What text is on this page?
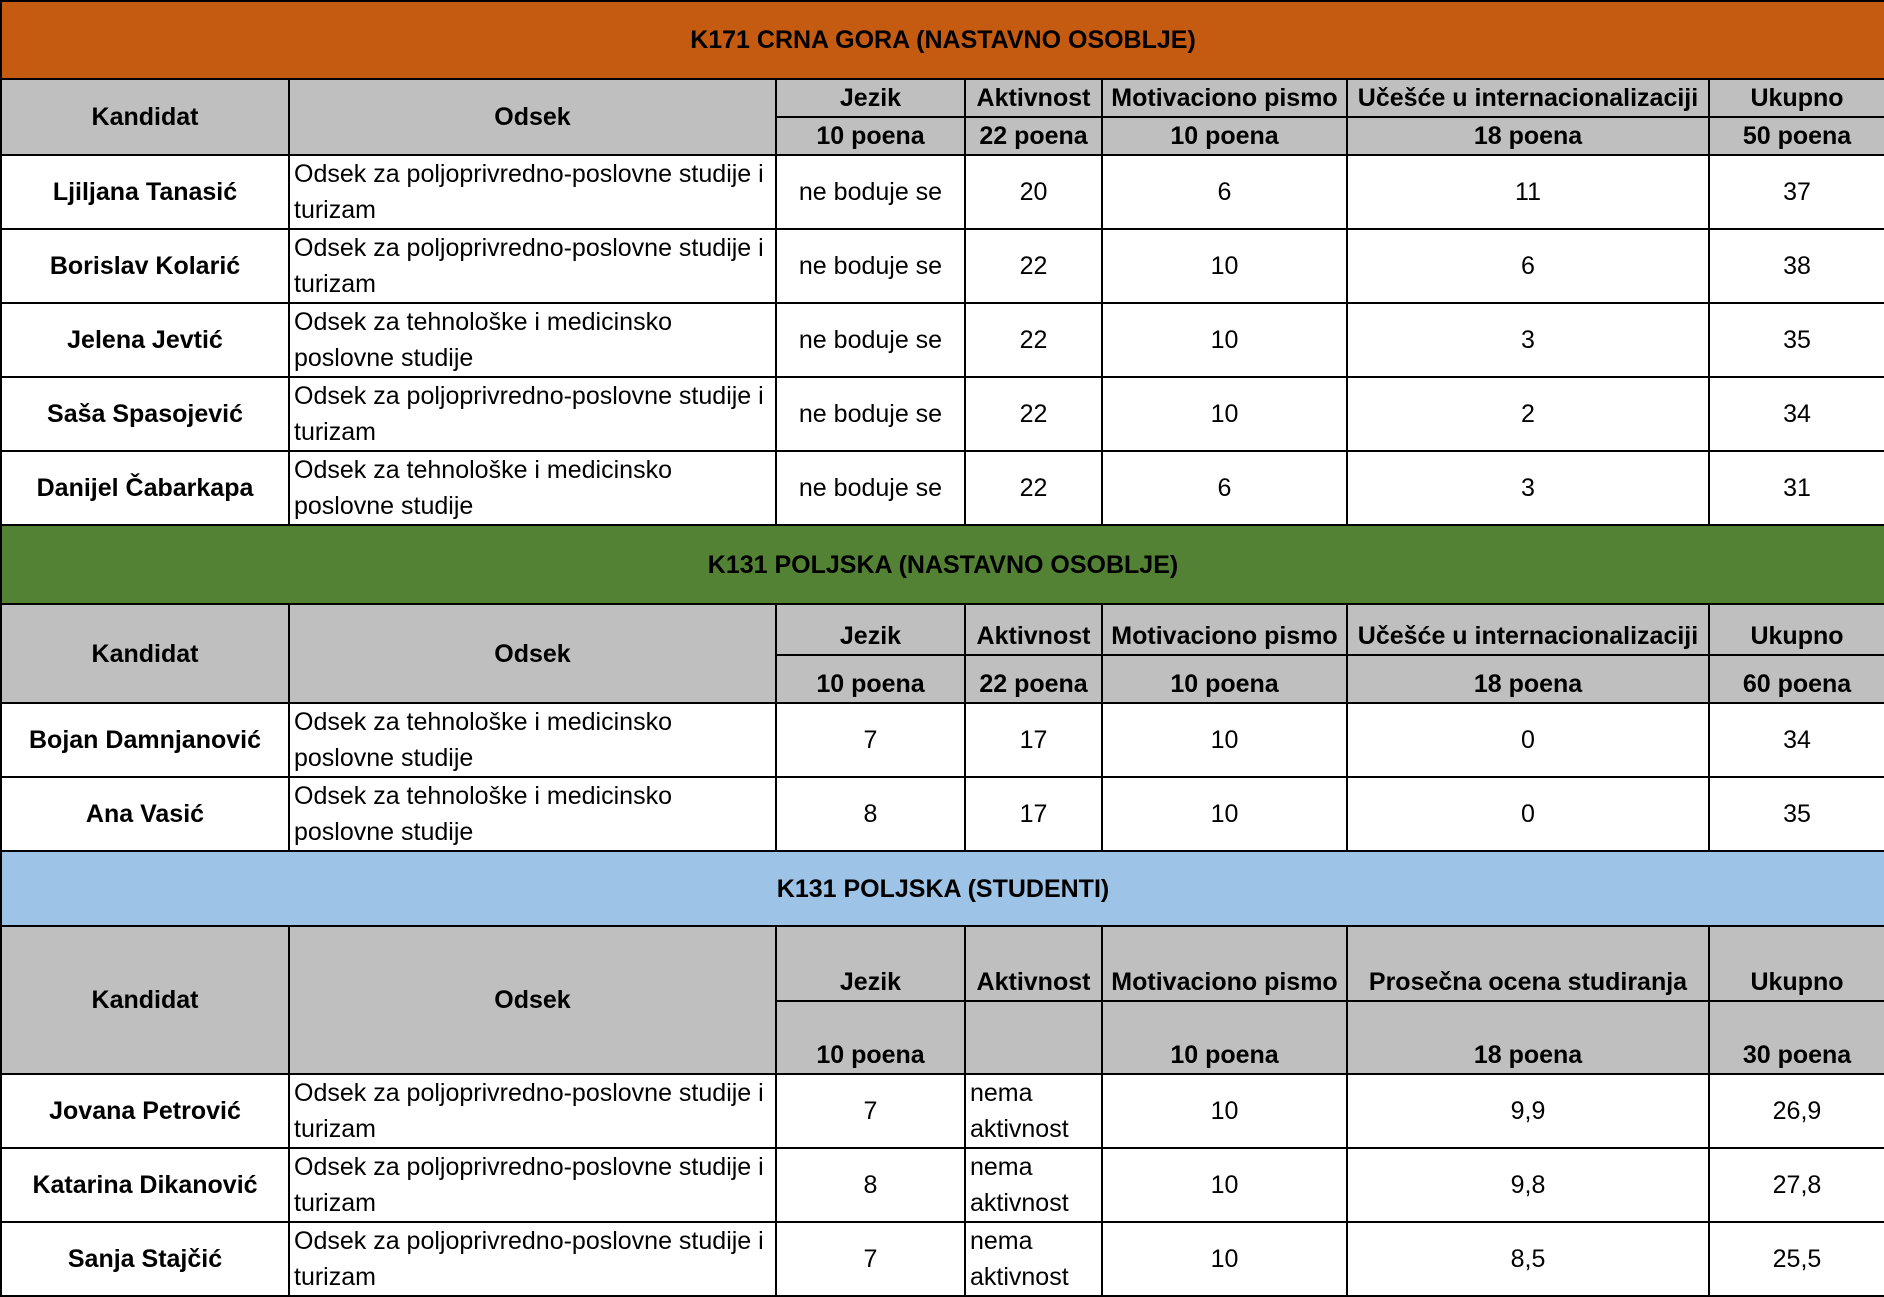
K171 CRNA GORA (NASTAVNO OSOBLJE)						
Kandidat	Odsek	Jezik	Aktivnost	Motivaciono pismo	Učešće u internacionalizaciji	Ukupno
		10 poena	22 poena	10 poena	18 poena	50 poena
Ljiljana Tanasić	Odsek za poljoprivredno-poslovne studije i turizam	ne boduje se	20	6	11	37
Borislav Kolarić	Odsek za poljoprivredno-poslovne studije i turizam	ne boduje se	22	10	6	38
Jelena Jevtić	Odsek za tehnološke i medicinsko poslovne studije	ne boduje se	22	10	3	35
Saša Spasojević	Odsek za poljoprivredno-poslovne studije i turizam	ne boduje se	22	10	2	34
Danijel Čabarkapa	Odsek za tehnološke i medicinsko poslovne studije	ne boduje se	22	6	3	31
K131 POLJSKA (NASTAVNO OSOBLJE)						
Kandidat	Odsek	Jezik	Aktivnost	Motivaciono pismo	Učešće u internacionalizaciji	Ukupno
		10 poena	22 poena	10 poena	18 poena	60 poena
Bojan Damnjanović	Odsek za tehnološke i medicinsko poslovne studije	7	17	10	0	34
Ana Vasić	Odsek za tehnološke i medicinsko poslovne studije	8	17	10	0	35
K131 POLJSKA (STUDENTI)						
Kandidat	Odsek	Jezik	Aktivnost	Motivaciono pismo	Prosečna ocena studiranja	Ukupno
		10 poena		10 poena	18 poena	30 poena
Jovana Petrović	Odsek za poljoprivredno-poslovne studije i turizam	7	nema aktivnost	10	9,9	26,9
Katarina Dikanović	Odsek za poljoprivredno-poslovne studije i turizam	8	nema aktivnost	10	9,8	27,8
Sanja Stajčić	Odsek za poljoprivredno-poslovne studije i turizam	7	nema aktivnost	10	8,5	25,5
